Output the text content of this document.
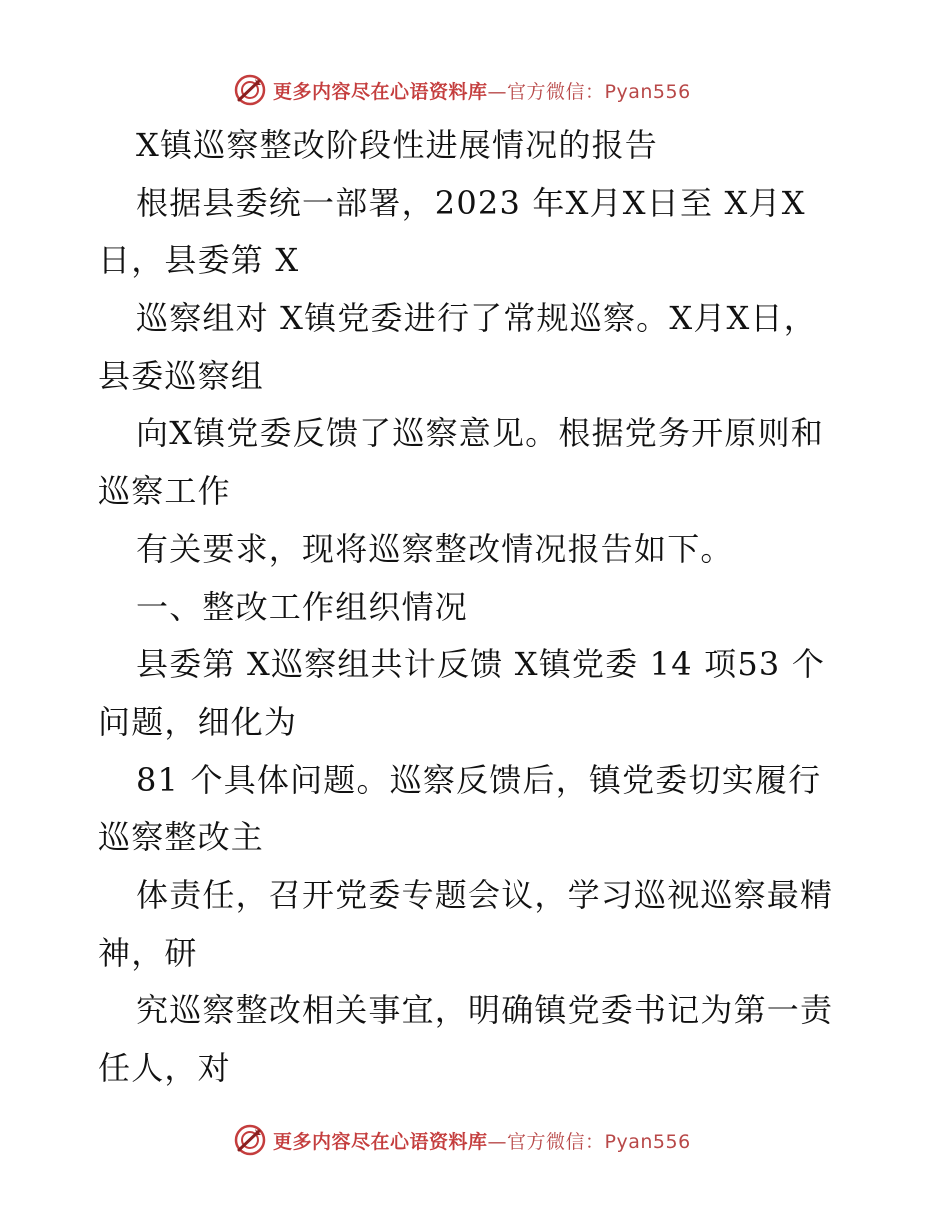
更多内容尽在心语资料库—官方微信：Pyan556
X镇巡察整改阶段性进展情况的报告
根据县委统一部署，2023 年X月X日至 X月X
日，县委第 X
巡察组对 X镇党委进行了常规巡察。X月X日，
县委巡察组
向X镇党委反馈了巡察意见。根据党务开原则和
巡察工作
有关要求，现将巡察整改情况报告如下。
一、整改工作组织情况
县委第 X巡察组共计反馈 X镇党委 14 项53 个
问题，细化为
81 个具体问题。巡察反馈后，镇党委切实履行
巡察整改主
体责任，召开党委专题会议，学习巡视巡察最精
神，研
究巡察整改相关事宜，明确镇党委书记为第一责
任人，对
更多内容尽在心语资料库—官方微信：Pyan556
